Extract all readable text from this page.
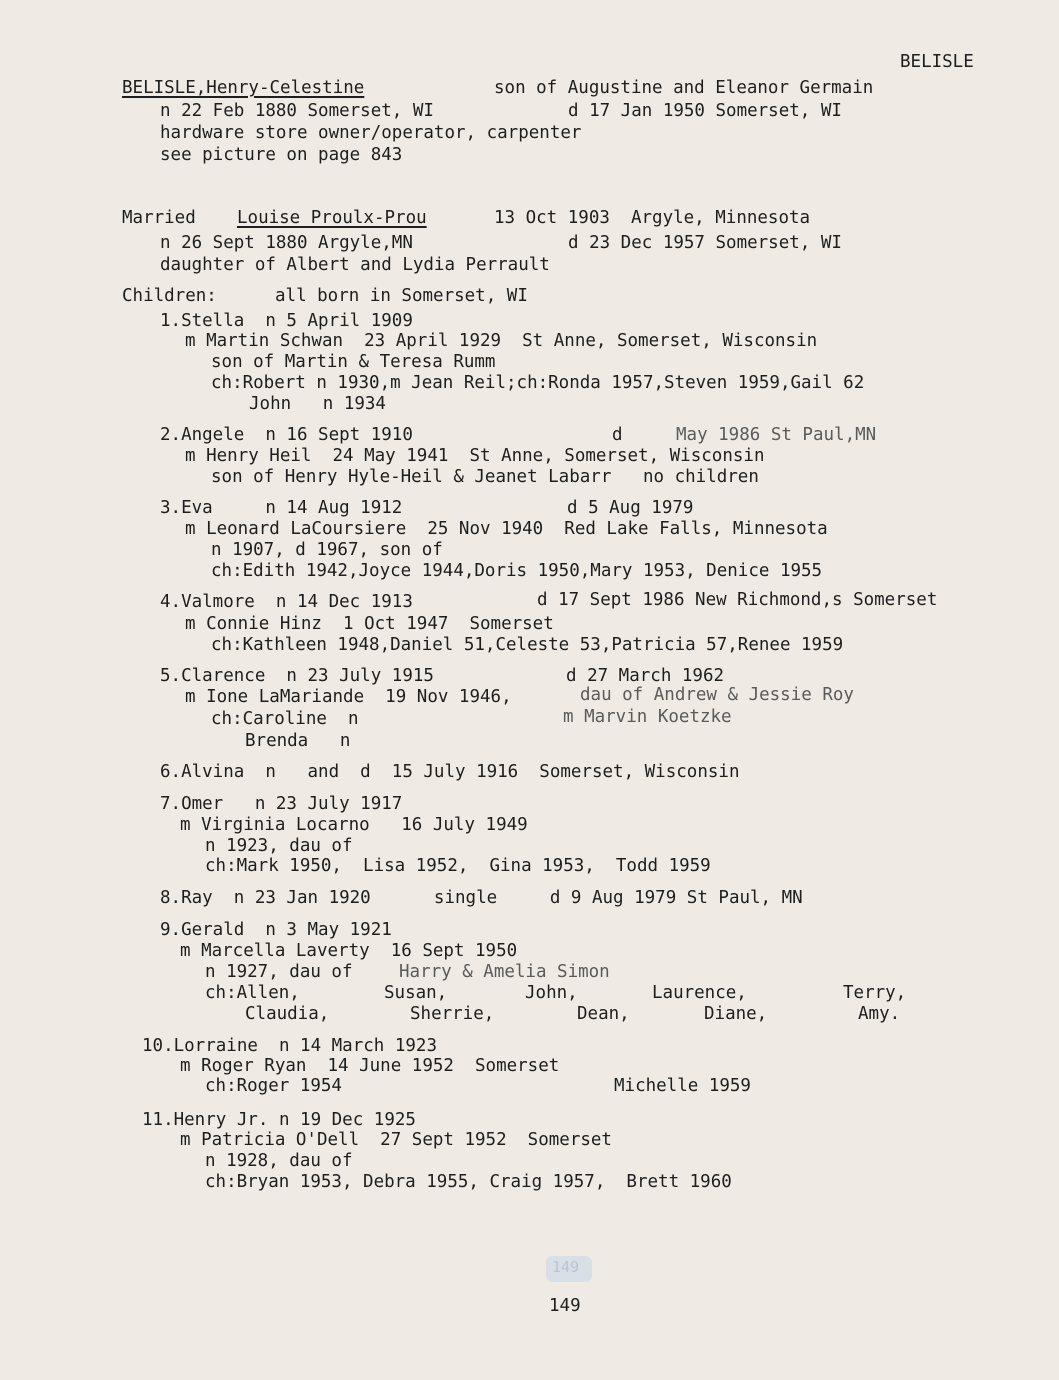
BELISLE
BELISLE,Henry-Celestine	son of Augustine and Eleanor Germain
n 22 Feb 1880 Somerset, WI	d 17 Jan 1950 Somerset, WI
hardware store owner/operator, carpenter
see picture on page 843
Married Louise Proulx-Prou	13 Oct 1903  Argyle, Minnesota
n 26 Sept 1880 Argyle,MN	d 23 Dec 1957 Somerset, WI
daughter of Albert and Lydia Perrault
Children:	all born in Somerset, WI
1.Stella  n 5 April 1909
m Martin Schwan  23 April 1929  St Anne, Somerset, Wisconsin
son of Martin & Teresa Rumm
ch:Robert n 1930,m Jean Reil;ch:Ronda 1957,Steven 1959,Gail 62
John   n 1934
2.Angele  n 16 Sept 1910	d	May 1986 St Paul,MN
m Henry Heil  24 May 1941  St Anne, Somerset, Wisconsin
son of Henry Hyle-Heil & Jeanet Labarr   no children
3.Eva     n 14 Aug 1912	d 5 Aug 1979
m Leonard LaCoursiere  25 Nov 1940  Red Lake Falls, Minnesota
n 1907, d 1967, son of
ch:Edith 1942,Joyce 1944,Doris 1950,Mary 1953, Denice 1955
4.Valmore  n 14 Dec 1913	d 17 Sept 1986 New Richmond,s Somerset
m Connie Hinz  1 Oct 1947  Somerset
ch:Kathleen 1948,Daniel 51,Celeste 53,Patricia 57,Renee 1959
5.Clarence  n 23 July 1915	d 27 March 1962
m Ione LaMariande  19 Nov 1946,	dau of Andrew & Jessie Roy
ch:Caroline  n	m Marvin Koetzke
Brenda   n
6.Alvina  n   and  d  15 July 1916  Somerset, Wisconsin
7.Omer   n 23 July 1917
m Virginia Locarno   16 July 1949
n 1923, dau of
ch:Mark 1950,  Lisa 1952,  Gina 1953,  Todd 1959
8.Ray  n 23 Jan 1920      single     d 9 Aug 1979 St Paul, MN
9.Gerald  n 3 May 1921
m Marcella Laverty  16 Sept 1950
n 1927, dau of	Harry & Amelia Simon
ch:Allen,	Susan,	John,	Laurence,	Terry,
Claudia,	Sherrie,	Dean,	Diane,	Amy.
10.Lorraine  n 14 March 1923
m Roger Ryan  14 June 1952  Somerset
ch:Roger 1954	Michelle 1959
11.Henry Jr. n 19 Dec 1925
m Patricia O'Dell  27 Sept 1952  Somerset
n 1928, dau of
ch:Bryan 1953, Debra 1955, Craig 1957,  Brett 1960
149
149
